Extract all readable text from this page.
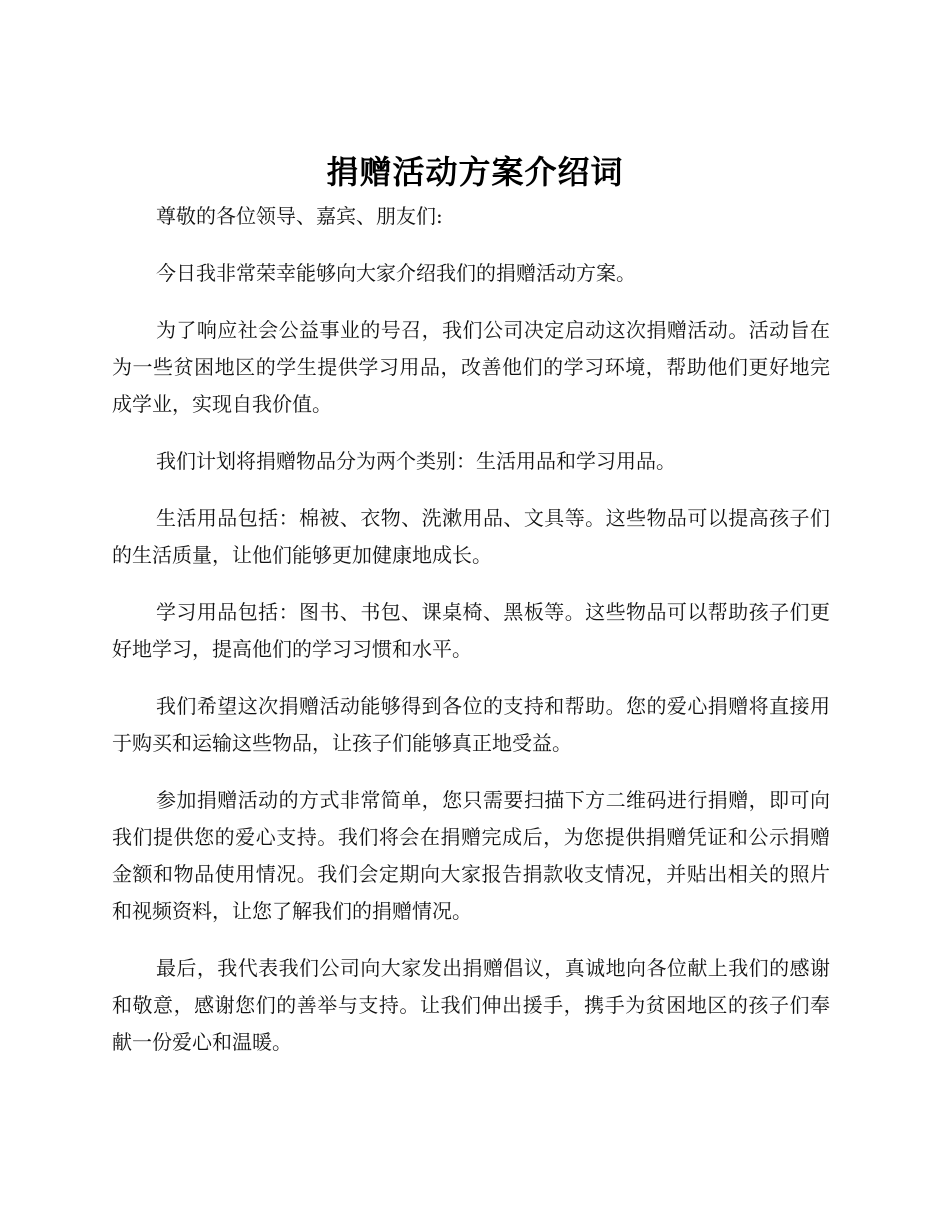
捐赠活动方案介绍词

尊敬的各位领导、嘉宾、朋友们:

今日我非常荣幸能够向大家介绍我们的捐赠活动方案。

为了响应社会公益事业的号召，我们公司决定启动这次捐赠活动。活动旨在为一些贫困地区的学生提供学习用品，改善他们的学习环境，帮助他们更好地完成学业，实现自我价值。

我们计划将捐赠物品分为两个类别：生活用品和学习用品。

生活用品包括：棉被、衣物、洗漱用品、文具等。这些物品可以提高孩子们的生活质量，让他们能够更加健康地成长。

学习用品包括：图书、书包、课桌椅、黑板等。这些物品可以帮助孩子们更好地学习，提高他们的学习习惯和水平。

我们希望这次捐赠活动能够得到各位的支持和帮助。您的爱心捐赠将直接用于购买和运输这些物品，让孩子们能够真正地受益。

参加捐赠活动的方式非常简单，您只需要扫描下方二维码进行捐赠，即可向我们提供您的爱心支持。我们将会在捐赠完成后，为您提供捐赠凭证和公示捐赠金额和物品使用情况。我们会定期向大家报告捐款收支情况，并贴出相关的照片和视频资料，让您了解我们的捐赠情况。

最后，我代表我们公司向大家发出捐赠倡议，真诚地向各位献上我们的感谢和敬意，感谢您们的善举与支持。让我们伸出援手，携手为贫困地区的孩子们奉献一份爱心和温暖。
